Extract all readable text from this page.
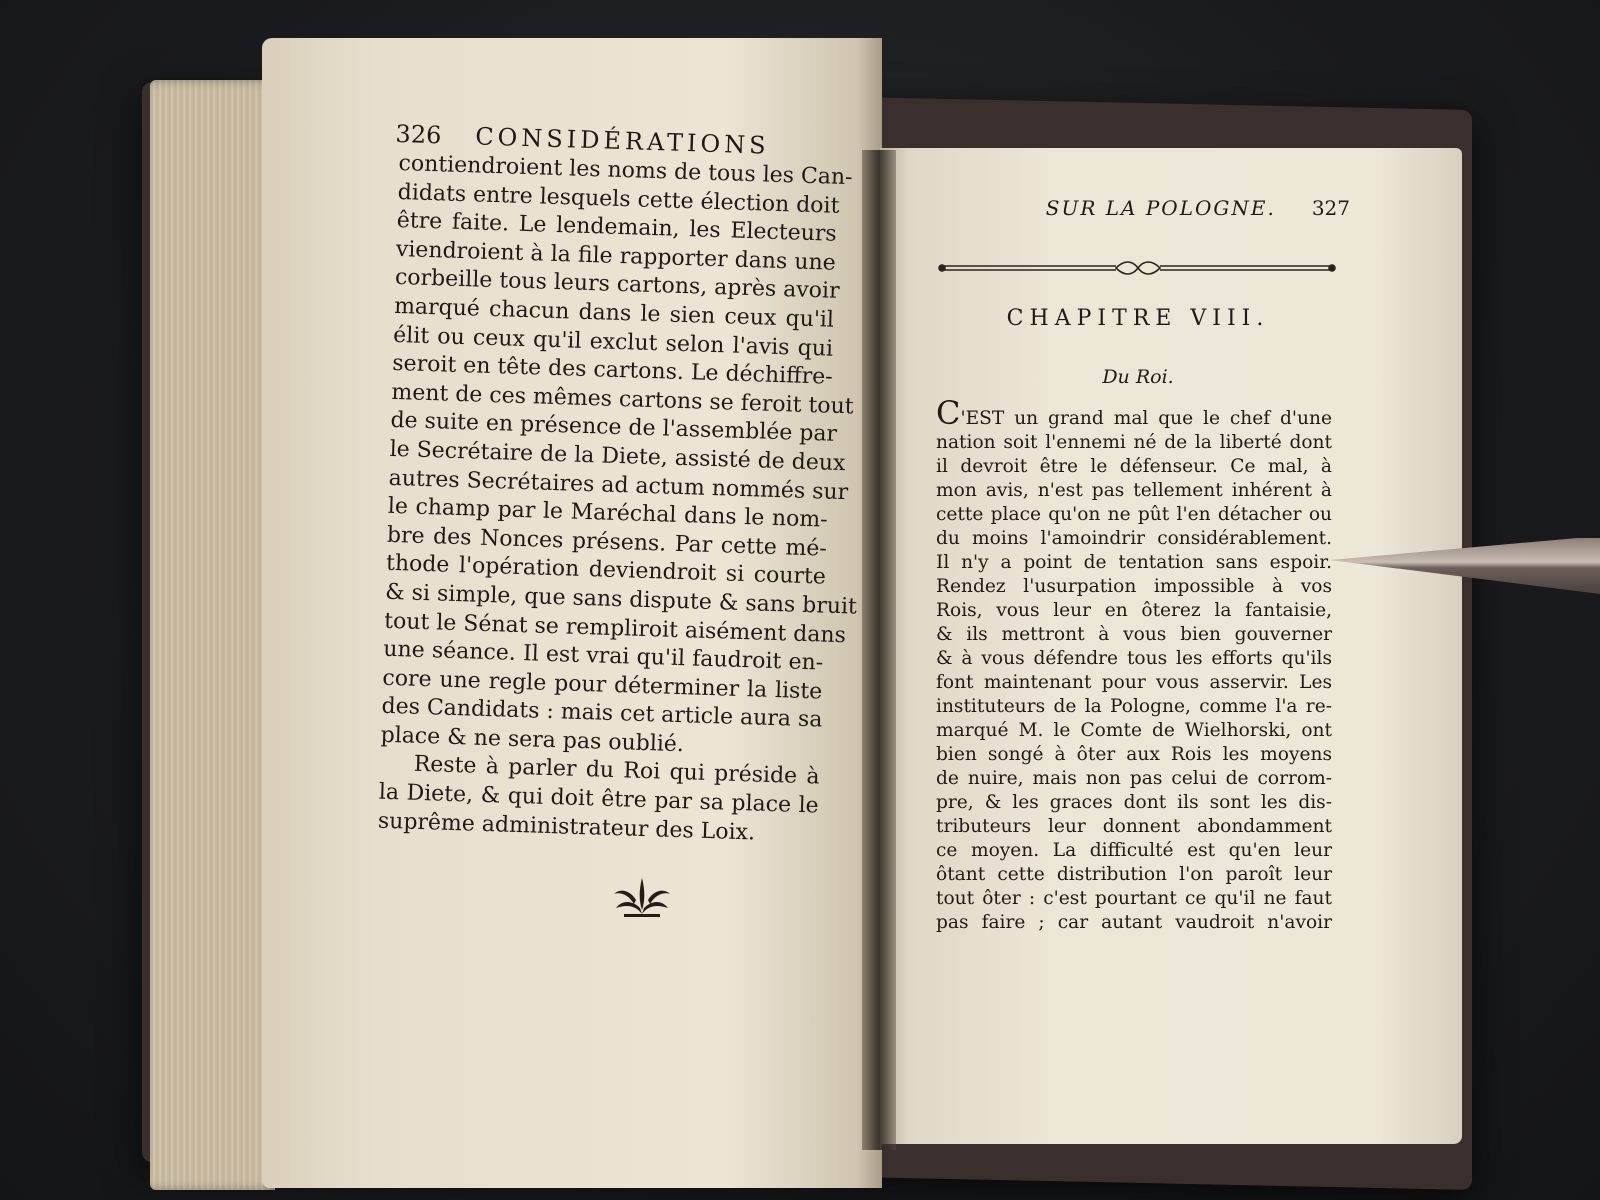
326 CONSIDÉRATIONS
contiendroient les noms de tous les Can-
didats entre lesquels cette élection doit
être faite. Le lendemain, les Electeurs
viendroient à la file rapporter dans une
corbeille tous leurs cartons, après avoir
marqué chacun dans le sien ceux qu'il
élit ou ceux qu'il exclut selon l'avis qui
seroit en tête des cartons. Le déchiffre-
ment de ces mêmes cartons se feroit tout
de suite en présence de l'assemblée par
le Secrétaire de la Diete, assisté de deux
autres Secrétaires ad actum nommés sur
le champ par le Maréchal dans le nom-
bre des Nonces présens. Par cette mé-
thode l'opération deviendroit si courte
& si simple, que sans dispute & sans bruit
tout le Sénat se rempliroit aisément dans
une séance. Il est vrai qu'il faudroit en-
core une regle pour déterminer la liste
des Candidats : mais cet article aura sa
place & ne sera pas oublié.
Reste à parler du Roi qui préside à
la Diete, & qui doit être par sa place le
suprême administrateur des Loix.
SUR LA POLOGNE. 327
CHAPITRE VIII.
Du Roi.
C'EST un grand mal que le chef d'une
nation soit l'ennemi né de la liberté dont
il devroit être le défenseur. Ce mal, à
mon avis, n'est pas tellement inhérent à
cette place qu'on ne pût l'en détacher ou
du moins l'amoindrir considérablement.
Il n'y a point de tentation sans espoir.
Rendez l'usurpation impossible à vos
Rois, vous leur en ôterez la fantaisie,
& ils mettront à vous bien gouverner
& à vous défendre tous les efforts qu'ils
font maintenant pour vous asservir. Les
instituteurs de la Pologne, comme l'a re-
marqué M. le Comte de Wielhorski, ont
bien songé à ôter aux Rois les moyens
de nuire, mais non pas celui de corrom-
pre, & les graces dont ils sont les dis-
tributeurs leur donnent abondamment
ce moyen. La difficulté est qu'en leur
ôtant cette distribution l'on paroît leur
tout ôter : c'est pourtant ce qu'il ne faut
pas faire ; car autant vaudroit n'avoir
